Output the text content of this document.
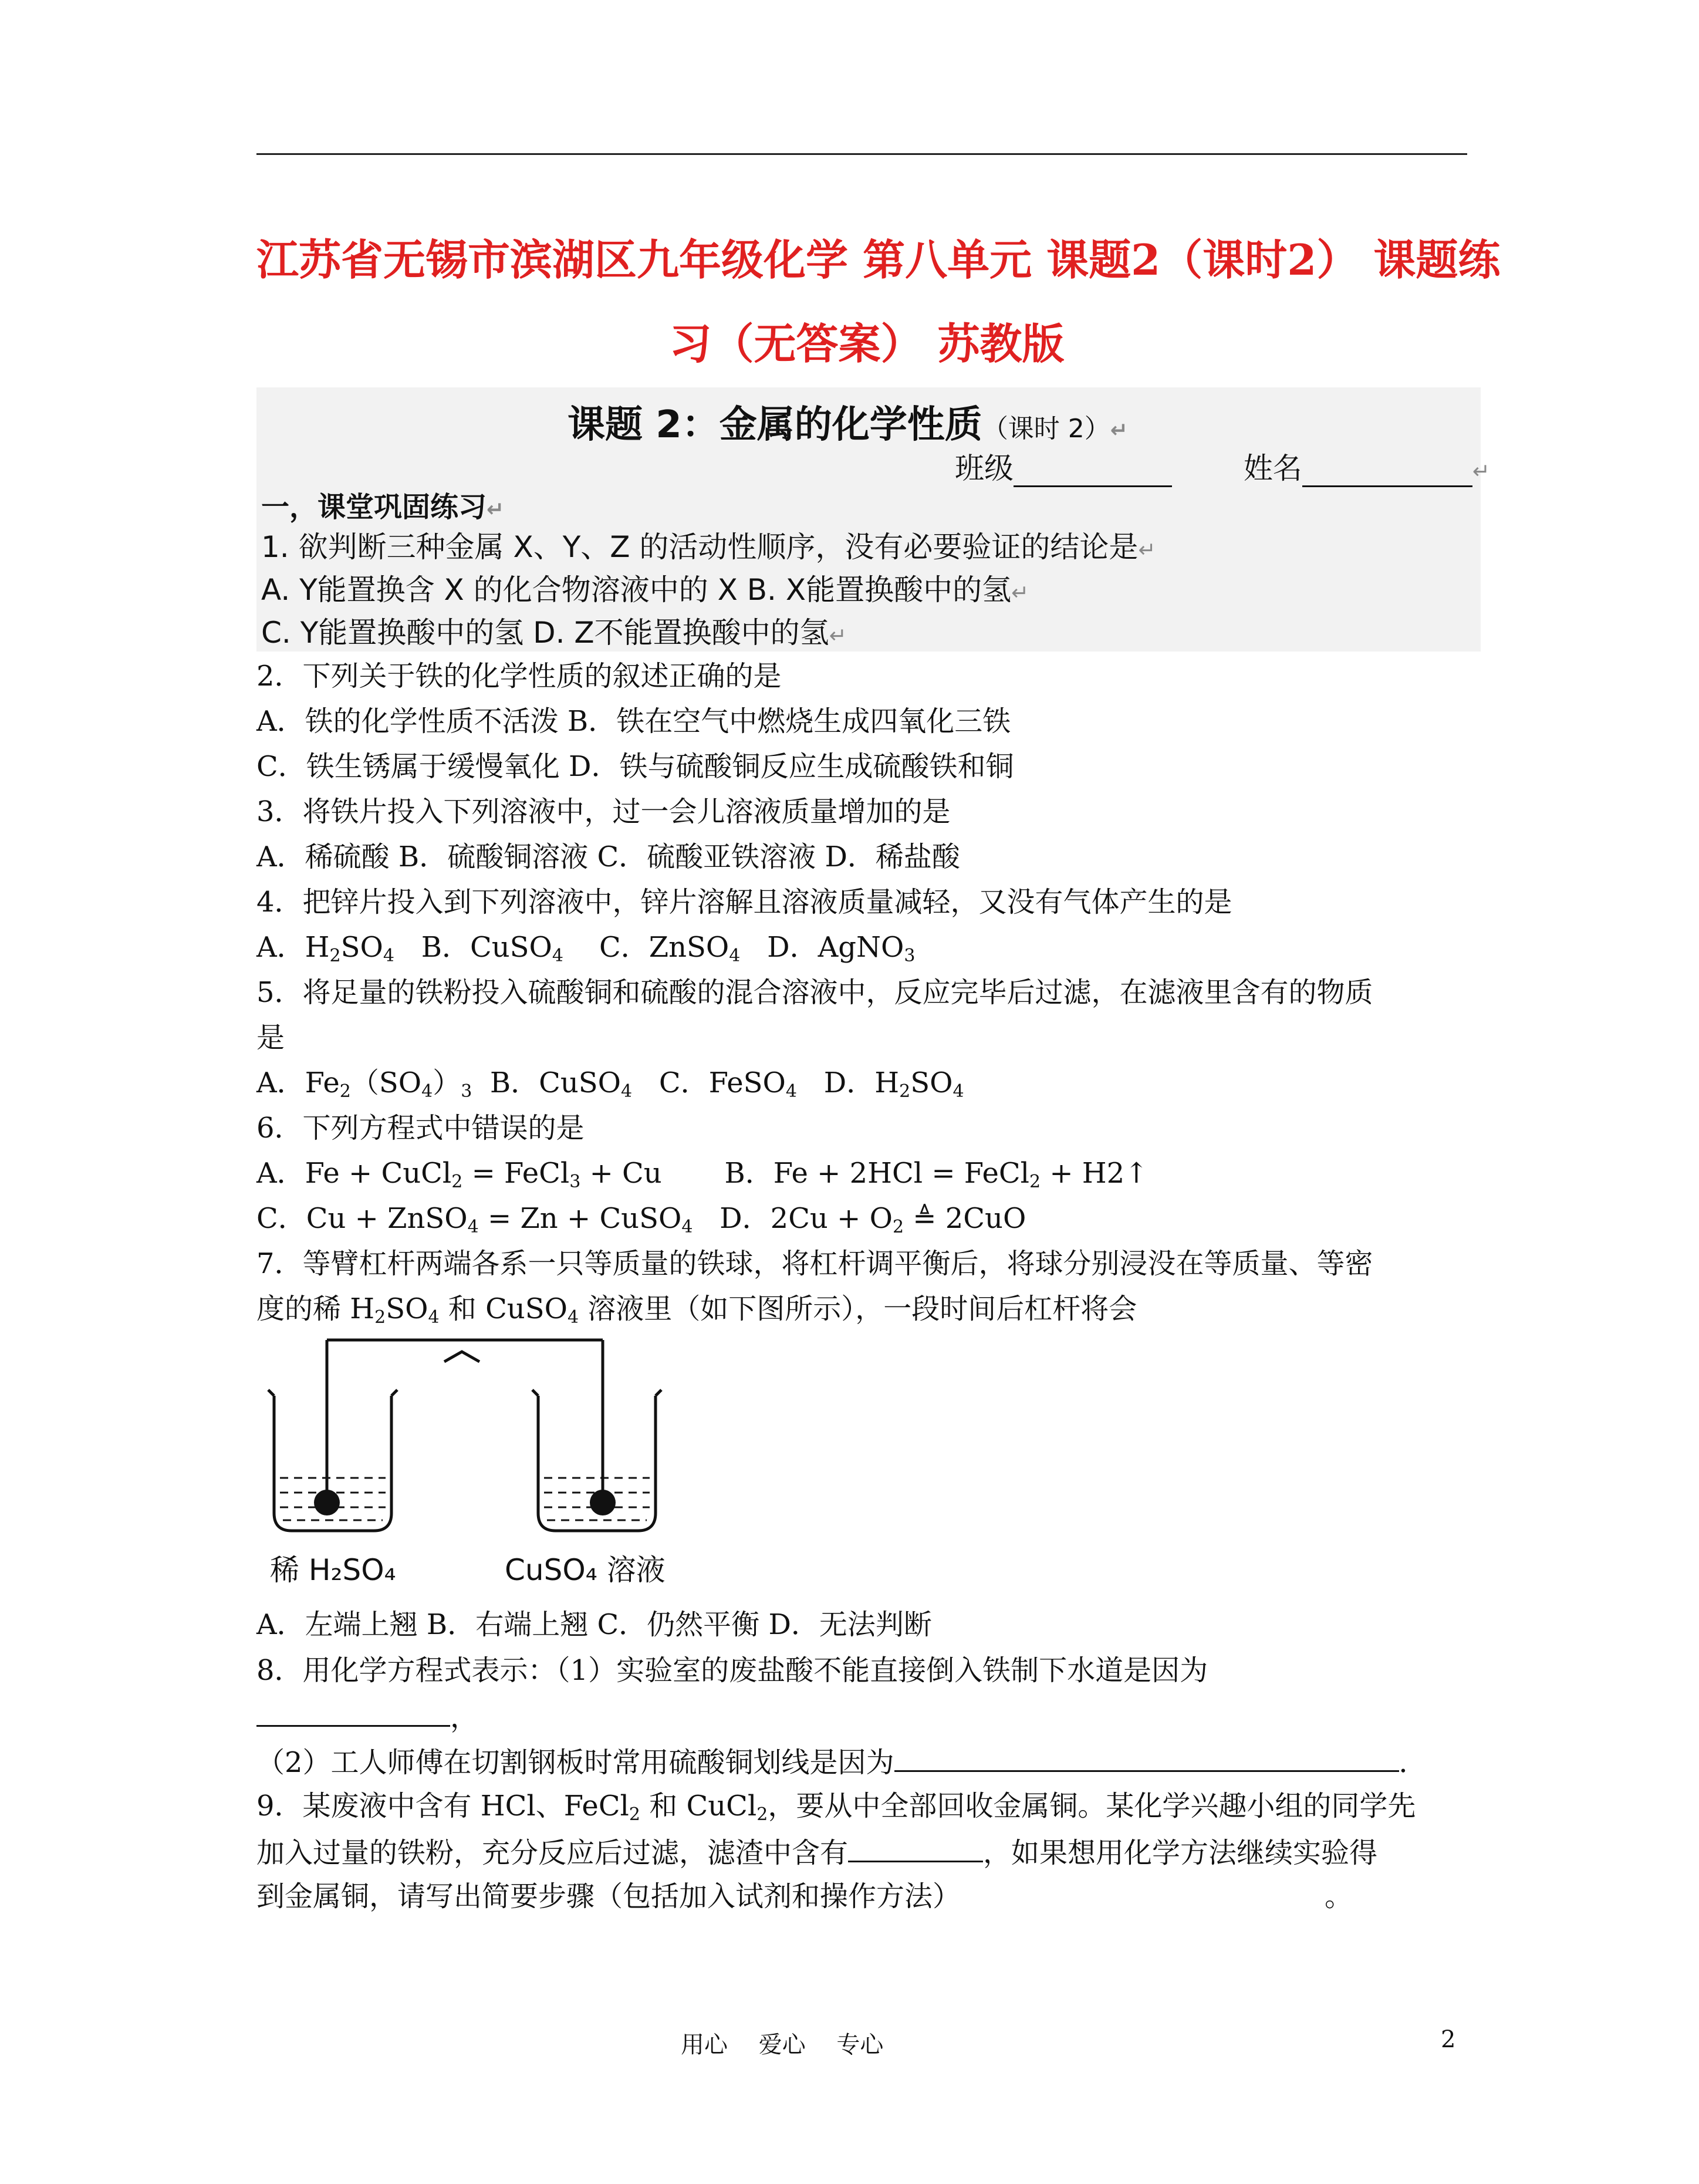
江苏省无锡市滨湖区九年级化学 第八单元 课题2（课时2） 课题练
习（无答案） 苏教版
课题 2：金属的化学性质（课时 2）↵
班级	姓名	↵
一，课堂巩固练习↵
1. 欲判断三种金属 X、Y、Z 的活动性顺序，没有必要验证的结论是↵
A. Y能置换含 X 的化合物溶液中的 X B. X能置换酸中的氢↵
C. Y能置换酸中的氢 D. Z不能置换酸中的氢↵
2．下列关于铁的化学性质的叙述正确的是
A．铁的化学性质不活泼 B．铁在空气中燃烧生成四氧化三铁
C．铁生锈属于缓慢氧化 D．铁与硫酸铜反应生成硫酸铁和铜
3．将铁片投入下列溶液中，过一会儿溶液质量增加的是
A．稀硫酸 B．硫酸铜溶液 C．硫酸亚铁溶液 D．稀盐酸
4．把锌片投入到下列溶液中，锌片溶解且溶液质量减轻，又没有气体产生的是
A．$H_2SO_4$   B．CuSO$_4$    C．ZnSO$_4$   D．AgNO$_3$
5．将足量的铁粉投入硫酸铜和硫酸的混合溶液中，反应完毕后过滤，在滤液里含有的物质
是
A．$Fe_2(SO_4)_3$  B．CuSO$_4$   C．FeSO$_4$   D．$H_2SO_4$
6．下列方程式中错误的是
A．Fe + CuCl$_2$ = FeCl$_3$ + Cu       B．Fe + 2HCl = FeCl$_2$ + H2↑
C．Cu + ZnSO$_4$ = Zn + CuSO$_4$   D．$2Cu + O_2$ ≜ 2CuO
7．等臂杠杆两端各系一只等质量的铁球，将杠杆调平衡后，将球分别浸没在等质量、等密
度的稀 $H_2SO_4$ 和 CuSO$_4$ 溶液里（如下图所示），一段时间后杠杆将会
稀 H₂SO₄	CuSO₄ 溶液
A．左端上翘 B．右端上翘 C．仍然平衡 D．无法判断
8．用化学方程式表示：（1）实验室的废盐酸不能直接倒入铁制下水道是因为
，
（2）工人师傅在切割钢板时常用硫酸铜划线是因为	．
9．某废液中含有 HCl、FeCl$_2$ 和 CuCl$_2$，要从中全部回收金属铜。某化学兴趣小组的同学先
加入过量的铁粉，充分反应后过滤，滤渣中含有	，如果想用化学方法继续实验得
到金属铜，请写出简要步骤（包括加入试剂和操作方法）	。
用心 爱心 专心	2
